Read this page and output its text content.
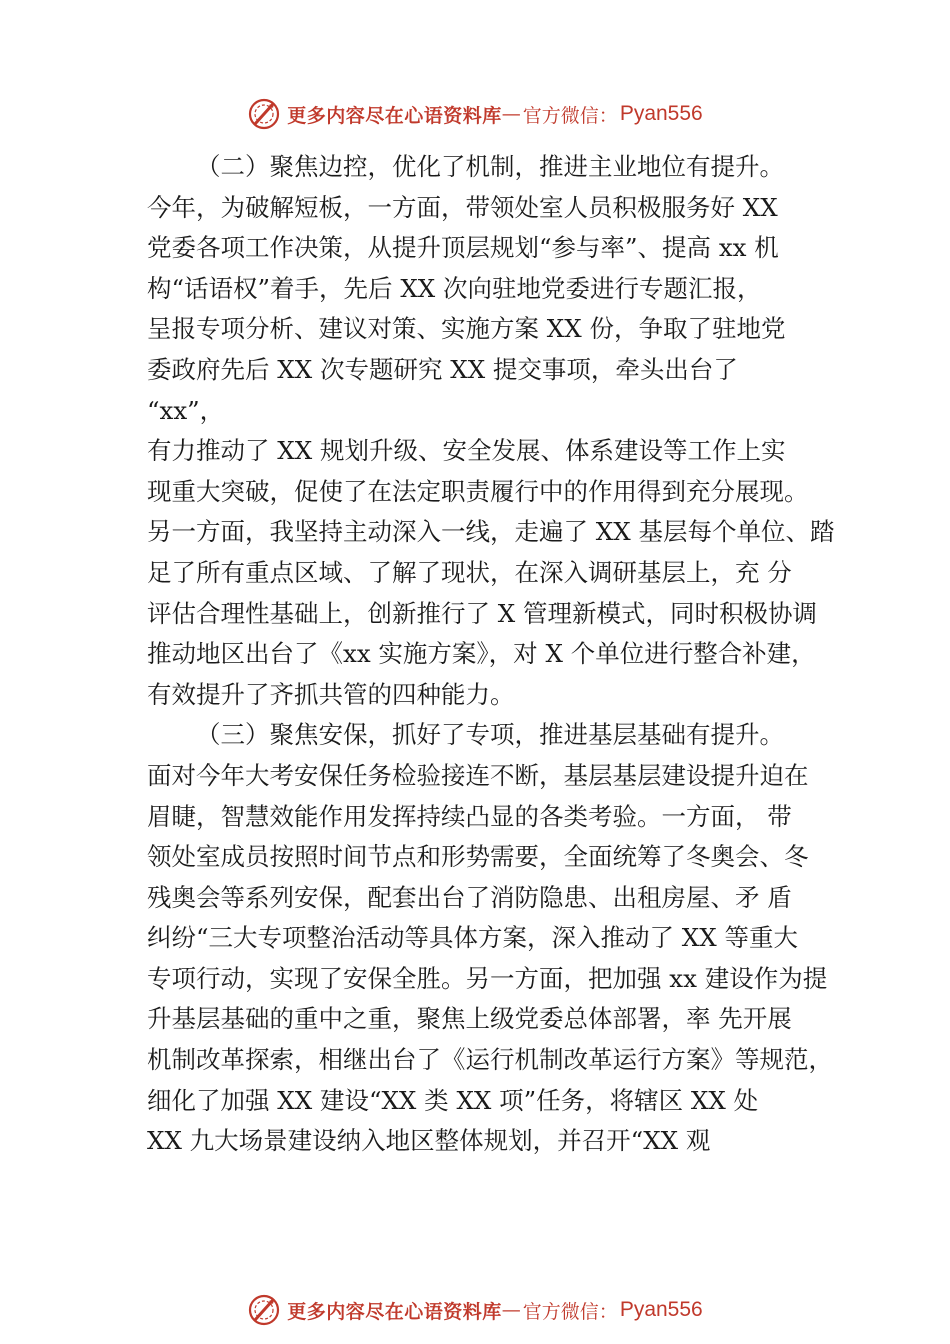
更多内容尽在心语资料库 — 官方微信： Pyan556
（二）聚焦边控，优化了机制，推进主业地位有提升。
今年，为破解短板，一方面，带领处室人员积极服务好 XX
党委各项工作决策，从提升顶层规划“参与率”、提高 xx 机
构“话语权”着手，先后 XX 次向驻地党委进行专题汇报，
呈报专项分析、建议对策、实施方案 XX 份，争取了驻地党
委政府先后 XX 次专题研究 XX 提交事项，牵头出台了
“xx”，
有力推动了 XX 规划升级、安全发展、体系建设等工作上实
现重大突破，促使了在法定职责履行中的作用得到充分展现。
另一方面，我坚持主动深入一线，走遍了 XX 基层每个单位、踏
足了所有重点区域、了解了现状，在深入调研基层上，充 分
评估合理性基础上，创新推行了 X 管理新模式，同时积极协调
推动地区出台了《xx 实施方案》，对 X 个单位进行整合补建，
有效提升了齐抓共管的四种能力。
（三）聚焦安保，抓好了专项，推进基层基础有提升。
面对今年大考安保任务检验接连不断，基层基层建设提升迫在
眉睫，智慧效能作用发挥持续凸显的各类考验。一方面， 带
领处室成员按照时间节点和形势需要，全面统筹了冬奥会、冬
残奥会等系列安保，配套出台了消防隐患、出租房屋、矛 盾
纠纷“三大专项整治活动等具体方案，深入推动了 XX 等重大
专项行动，实现了安保全胜。另一方面，把加强 xx 建设作为提
升基层基础的重中之重，聚焦上级党委总体部署，率 先开展
机制改革探索，相继出台了《运行机制改革运行方案》等规范，
细化了加强 XX 建设“XX 类 XX 项”任务，将辖区 XX 处
XX 九大场景建设纳入地区整体规划，并召开“XX 观
更多内容尽在心语资料库 — 官方微信： Pyan556
